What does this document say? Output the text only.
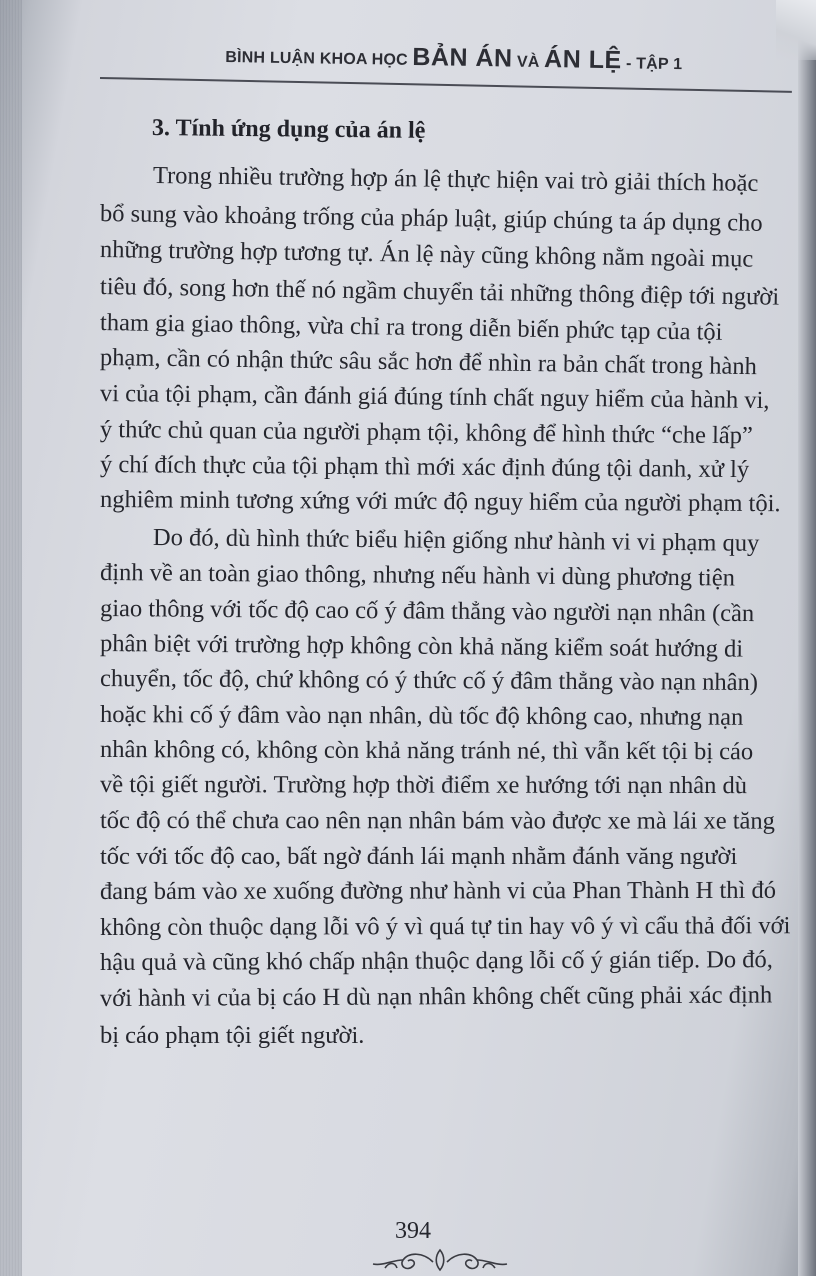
BÌNH LUẬN KHOA HỌC BẢN ÁN VÀ ÁN LỆ - TẬP 1
3. Tính ứng dụng của án lệ

Trong nhiều trường hợp án lệ thực hiện vai trò giải thích hoặc

bổ sung vào khoảng trống của pháp luật, giúp chúng ta áp dụng cho

những trường hợp tương tự. Án lệ này cũng không nằm ngoài mục

tiêu đó, song hơn thế nó ngầm chuyển tải những thông điệp tới người

tham gia giao thông, vừa chỉ ra trong diễn biến phức tạp của tội

phạm, cần có nhận thức sâu sắc hơn để nhìn ra bản chất trong hành

vi của tội phạm, cần đánh giá đúng tính chất nguy hiểm của hành vi,

ý thức chủ quan của người phạm tội, không để hình thức “che lấp”

ý chí đích thực của tội phạm thì mới xác định đúng tội danh, xử lý

nghiêm minh tương xứng với mức độ nguy hiểm của người phạm tội.

Do đó, dù hình thức biểu hiện giống như hành vi vi phạm quy

định về an toàn giao thông, nhưng nếu hành vi dùng phương tiện

giao thông với tốc độ cao cố ý đâm thẳng vào người nạn nhân (cần

phân biệt với trường hợp không còn khả năng kiểm soát hướng di

chuyển, tốc độ, chứ không có ý thức cố ý đâm thẳng vào nạn nhân)

hoặc khi cố ý đâm vào nạn nhân, dù tốc độ không cao, nhưng nạn

nhân không có, không còn khả năng tránh né, thì vẫn kết tội bị cáo

về tội giết người. Trường hợp thời điểm xe hướng tới nạn nhân dù

tốc độ có thể chưa cao nên nạn nhân bám vào được xe mà lái xe tăng

tốc với tốc độ cao, bất ngờ đánh lái mạnh nhằm đánh văng người

đang bám vào xe xuống đường như hành vi của Phan Thành H thì đó

không còn thuộc dạng lỗi vô ý vì quá tự tin hay vô ý vì cẩu thả đối với

hậu quả và cũng khó chấp nhận thuộc dạng lỗi cố ý gián tiếp. Do đó,

với hành vi của bị cáo H dù nạn nhân không chết cũng phải xác định

bị cáo phạm tội giết người.

394
